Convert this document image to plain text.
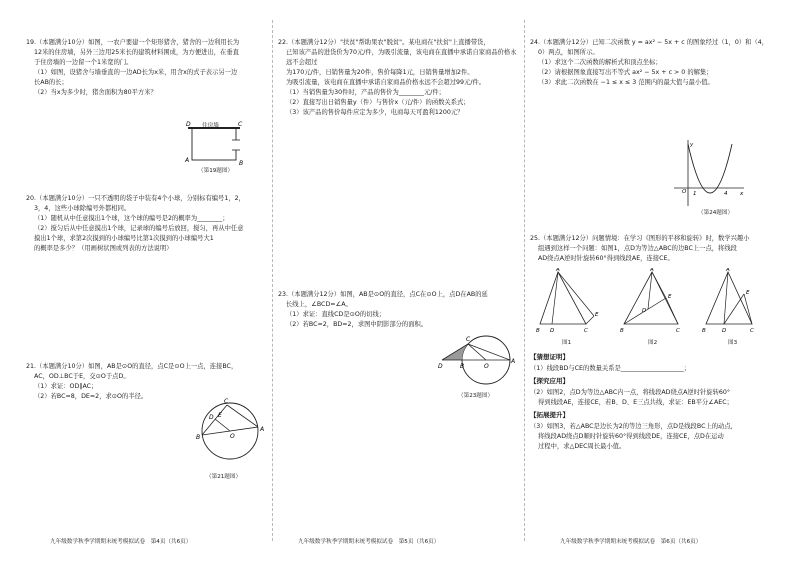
19.（本题满分10分）如图，一农户要建一个矩形猪舍，猪舍的一边利用长为

12米的住房墙，另外三边用25米长的建筑材料围成，为方便进出，在垂直

于住房墙的一边留一个1米宽的门。

（1）如图，设猪舍与墙垂直的一边AD长为x米，用含x的式子表示另一边

长AB的长；

（2）当x为多少时，猪舍面积为80平方米？

D	C
A	B
住房墙
（第19题图）

20.（本题满分10分）一只不透明的袋子中装有4个小球，分别标有编号1，2，

3，4，这些小球除编号外都相同。

（1）随机从中任意摸出1个球，这个球的编号是2的概率为________；

（2）搅匀后从中任意摸出1个球，记录球的编号后放回，搅匀，再从中任意

摸出1个球，求第2次摸到的小球编号比第1次摸到的小球编号大1

的概率是多少？（用画树状图或列表的方法说明）

21.（本题满分10分）如图，AB是⊙O的直径，点C是⊙O上一点，连接BC，

AC，OD⊥BC于E，交⊙O于点D。

（1）求证：OD∥AC；

（2）若BC=8，DE=2，求⊙O的半径。

C
B
A
O
D E
（第21题图）

22.（本题满分12分）"扶贫"帮助果农"脱贫"。某电商在"扶贫"上直播带货，

已知该产品的进货价为70元/件，为吸引流量，该电商在直播中承诺自家商品价格永远不会超过

为170元/件，日销售量为20件，售价每降1元，日销售量增加2件。

为吸引流量，该电商在直播中承诺自家商品价格永远不会超过99元/件。

（1）当销售量为30件时，产品的售价为________元/件；

（2）直接写出日销售量y（件）与售价x（元/件）的函数关系式；

（3）该产品的售价每件应定为多少，电商每天可盈利1200元？

23.（本题满分12分）如图，AB是⊙O的直径，点C在⊙O上，点D在AB的延

长线上，∠BCD=∠A。

（1）求证：直线CD是⊙O的切线；

（2）若BC=2，BD=2，求图中阴影部分的面积。

D	B
C
O
A
（第23题图）

24.（本题满分12分）已知二次函数 y = ax² − 5x + c 的图象经过（1，0）和（4，

0）两点，如图所示。

（1）求这个二次函数的解析式和顶点坐标；

（2）请根据图象直接写出不等式 ax² − 5x + c > 0 的解集；

（3）求此二次函数在 −1 ≤ x ≤ 3 范围内的最大值与最小值。

y
O 1	4 x
（第24题图）

25.（本题满分12分）问题情境：在学习《图形的平移和旋转》时，数学兴趣小

组遇到这样一个问题：如图1，点D为等边△ABC的边BC上一点，将线段

AD绕点A逆时针旋转60°得到线段AE，连接CE。

A
B D	C
E
A
B
D
E
C
A
B	D
E
C
图1	图2	图3

【猜想证明】

（1）线段BD与CE的数量关系是____________________；

【探究应用】

（2）如图2，点D为等边△ABC内一点，将线段AD绕点A逆时针旋转60°

得到线段AE，连接CE，若B、D、E三点共线，求证：EB平分∠AEC；

【拓展提升】

（3）如图3，若△ABC是边长为2的等边三角形，点D是线段BC上的动点，

将线段AD绕点D顺时针旋转60°得到线段DE，连接CE，点D在运动

过程中，求△DEC周长最小值。

九年级数学秋季学期期末统考模拟试卷　第4页（共6页）	九年级数学秋季学期期末统考模拟试卷　第5页（共6页）	九年级数学秋季学期期末统考模拟试卷　第6页（共6页）
